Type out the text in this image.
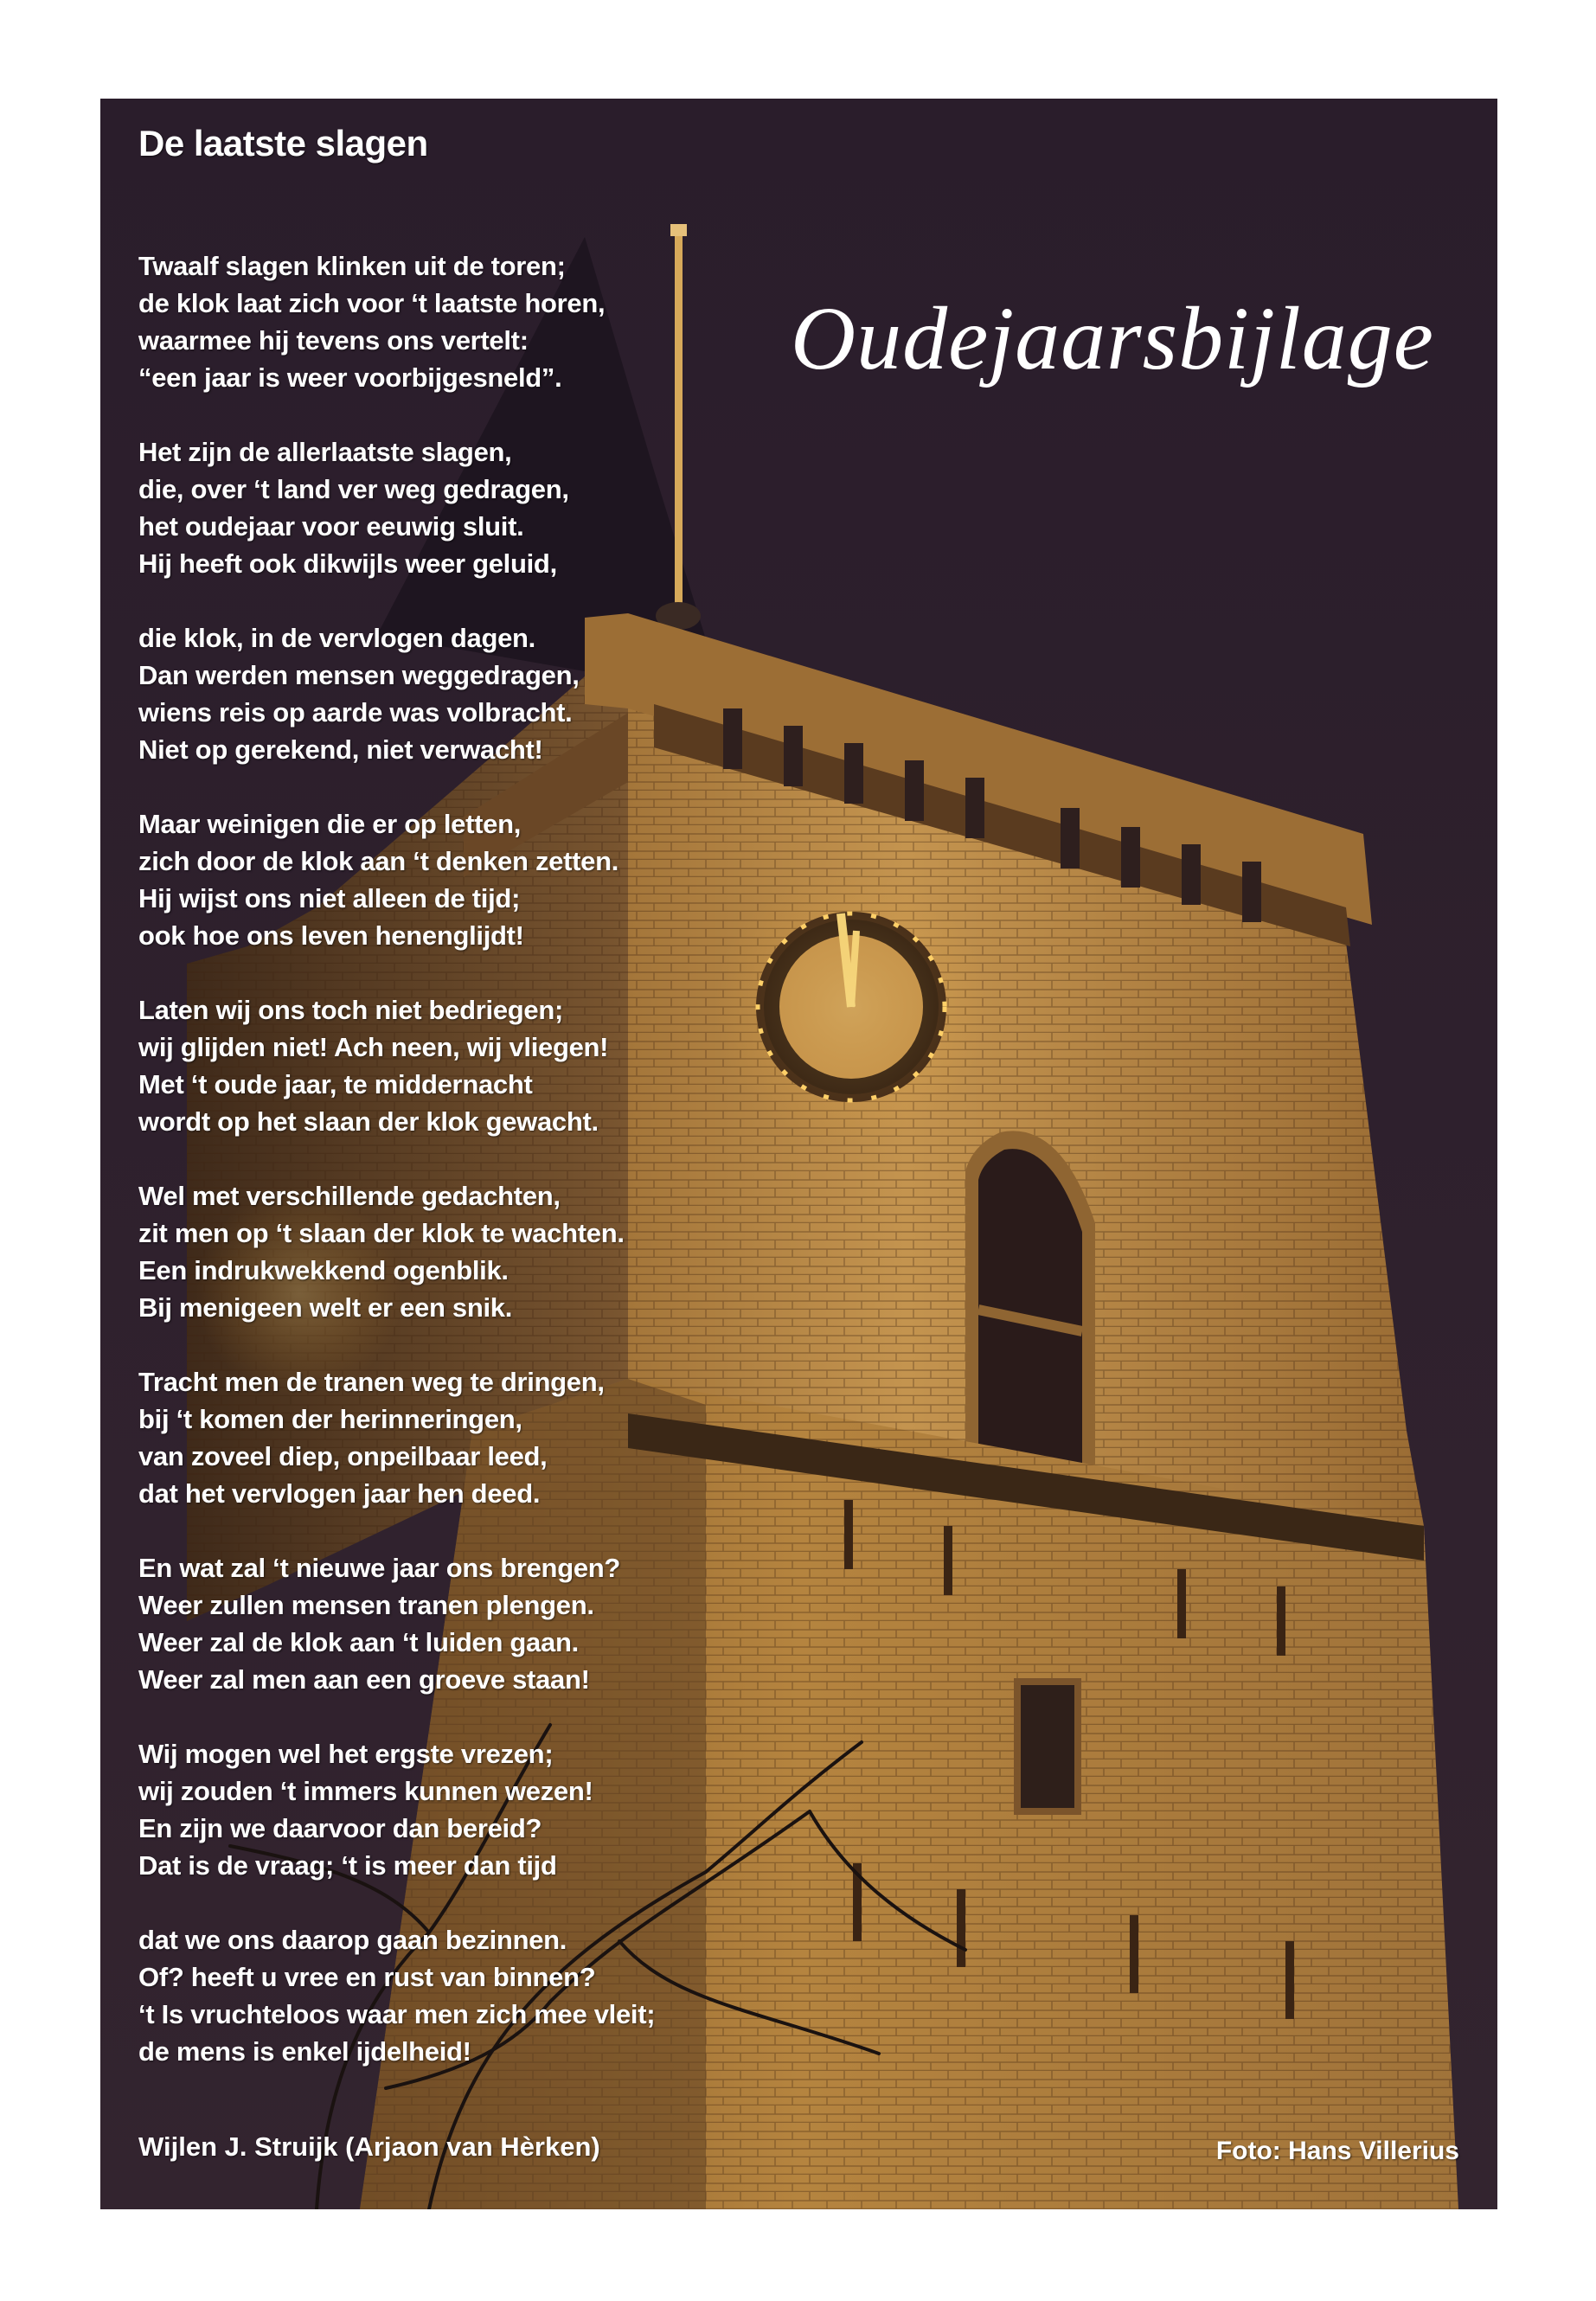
De laatste slagen
Oudejaarsbijlage

Twaalf slagen klinken uit de toren;
de klok laat zich voor ‘t laatste horen,
waarmee hij tevens ons vertelt:
“een jaar is weer voorbijgesneld”.

Het zijn de allerlaatste slagen,
die, over ‘t land ver weg gedragen,
het oudejaar voor eeuwig sluit.
Hij heeft ook dikwijls weer geluid,

die klok, in de vervlogen dagen.
Dan werden mensen weggedragen,
wiens reis op aarde was volbracht.
Niet op gerekend, niet verwacht!

Maar weinigen die er op letten,
zich door de klok aan ‘t denken zetten.
Hij wijst ons niet alleen de tijd;
ook hoe ons leven henenglijdt!

Laten wij ons toch niet bedriegen;
wij glijden niet! Ach neen, wij vliegen!
Met ‘t oude jaar, te middernacht
wordt op het slaan der klok gewacht.

Wel met verschillende gedachten,
zit men op ‘t slaan der klok te wachten.
Een indrukwekkend ogenblik.
Bij menigeen welt er een snik.

Tracht men de tranen weg te dringen,
bij ‘t komen der herinneringen,
van zoveel diep, onpeilbaar leed,
dat het vervlogen jaar hen deed.

En wat zal ‘t nieuwe jaar ons brengen?
Weer zullen mensen tranen plengen.
Weer zal de klok aan ‘t luiden gaan.
Weer zal men aan een groeve staan!

Wij mogen wel het ergste vrezen;
wij zouden ‘t immers kunnen wezen!
En zijn we daarvoor dan bereid?
Dat is de vraag; ‘t is meer dan tijd

dat we ons daarop gaan bezinnen.
Of? heeft u vree en rust van binnen?
‘t Is vruchteloos waar men zich mee vleit;
de mens is enkel ijdelheid!

Wijlen J. Struijk (Arjaon van Hèrken)	Foto: Hans Villerius
